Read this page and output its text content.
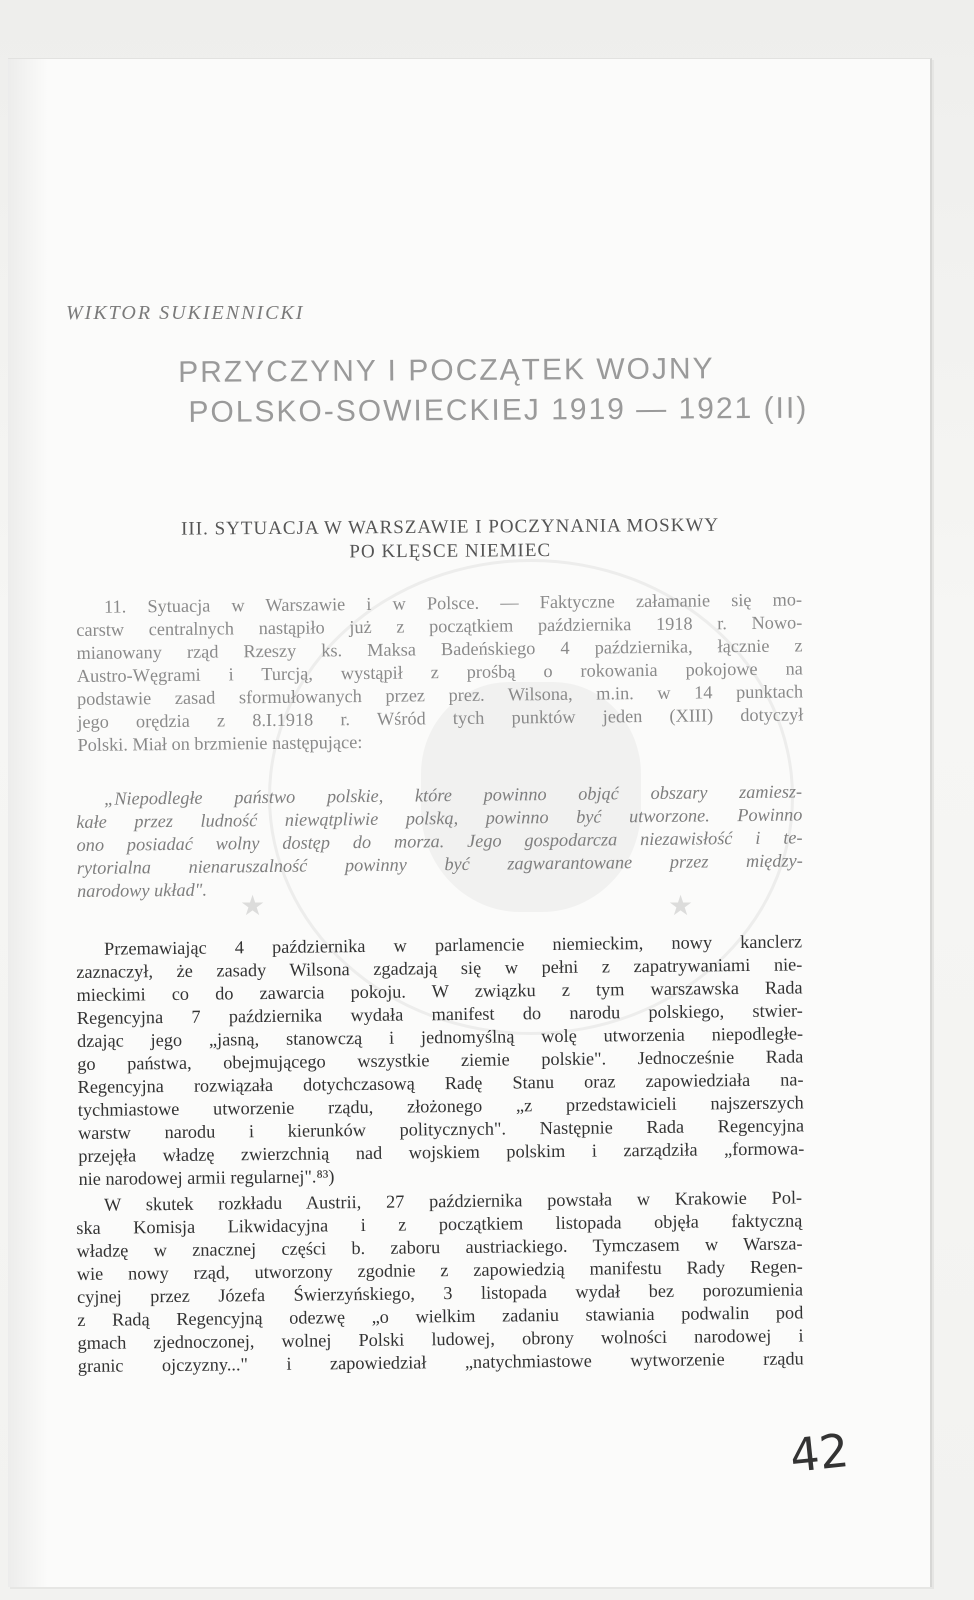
★	★
WIKTOR SUKIENNICKI
PRZYCZYNY I POCZĄTEK WOJNY
POLSKO-SOWIECKIEJ 1919 — 1921 (II)
III. SYTUACJA W WARSZAWIE I POCZYNANIA MOSKWY
PO KLĘSCE NIEMIEC
11. Sytuacja w Warszawie i w Polsce. — Faktyczne załamanie się mo-
carstw centralnych nastąpiło już z początkiem października 1918 r. Nowo-
mianowany rząd Rzeszy ks. Maksa Badeńskiego 4 października, łącznie z
Austro-Węgrami i Turcją, wystąpił z prośbą o rokowania pokojowe na
podstawie zasad sformułowanych przez prez. Wilsona, m.in. w 14 punktach
jego orędzia z 8.I.1918 r. Wśród tych punktów jeden (XIII) dotyczył
Polski. Miał on brzmienie następujące:
„Niepodległe państwo polskie, które powinno objąć obszary zamiesz-
kałe przez ludność niewątpliwie polską, powinno być utworzone. Powinno
ono posiadać wolny dostęp do morza. Jego gospodarcza niezawisłość i te-
rytorialna nienaruszalność powinny być zagwarantowane przez między-
narodowy układ".
Przemawiając 4 października w parlamencie niemieckim, nowy kanclerz
zaznaczył, że zasady Wilsona zgadzają się w pełni z zapatrywaniami nie-
mieckimi co do zawarcia pokoju. W związku z tym warszawska Rada
Regencyjna 7 października wydała manifest do narodu polskiego, stwier-
dzając jego „jasną, stanowczą i jednomyślną wolę utworzenia niepodległe-
go państwa, obejmującego wszystkie ziemie polskie". Jednocześnie Rada
Regencyjna rozwiązała dotychczasową Radę Stanu oraz zapowiedziała na-
tychmiastowe utworzenie rządu, złożonego „z przedstawicieli najszerszych
warstw narodu i kierunków politycznych". Następnie Rada Regencyjna
przejęła władzę zwierzchnią nad wojskiem polskim i zarządziła „formowa-
nie narodowej armii regularnej".⁸³)
W skutek rozkładu Austrii, 27 października powstała w Krakowie Pol-
ska Komisja Likwidacyjna i z początkiem listopada objęła faktyczną
władzę w znacznej części b. zaboru austriackiego. Tymczasem w Warsza-
wie nowy rząd, utworzony zgodnie z zapowiedzią manifestu Rady Regen-
cyjnej przez Józefa Świerzyńskiego, 3 listopada wydał bez porozumienia
z Radą Regencyjną odezwę „o wielkim zadaniu stawiania podwalin pod
gmach zjednoczonej, wolnej Polski ludowej, obrony wolności narodowej i
granic ojczyzny..." i zapowiedział „natychmiastowe wytworzenie rządu
42
